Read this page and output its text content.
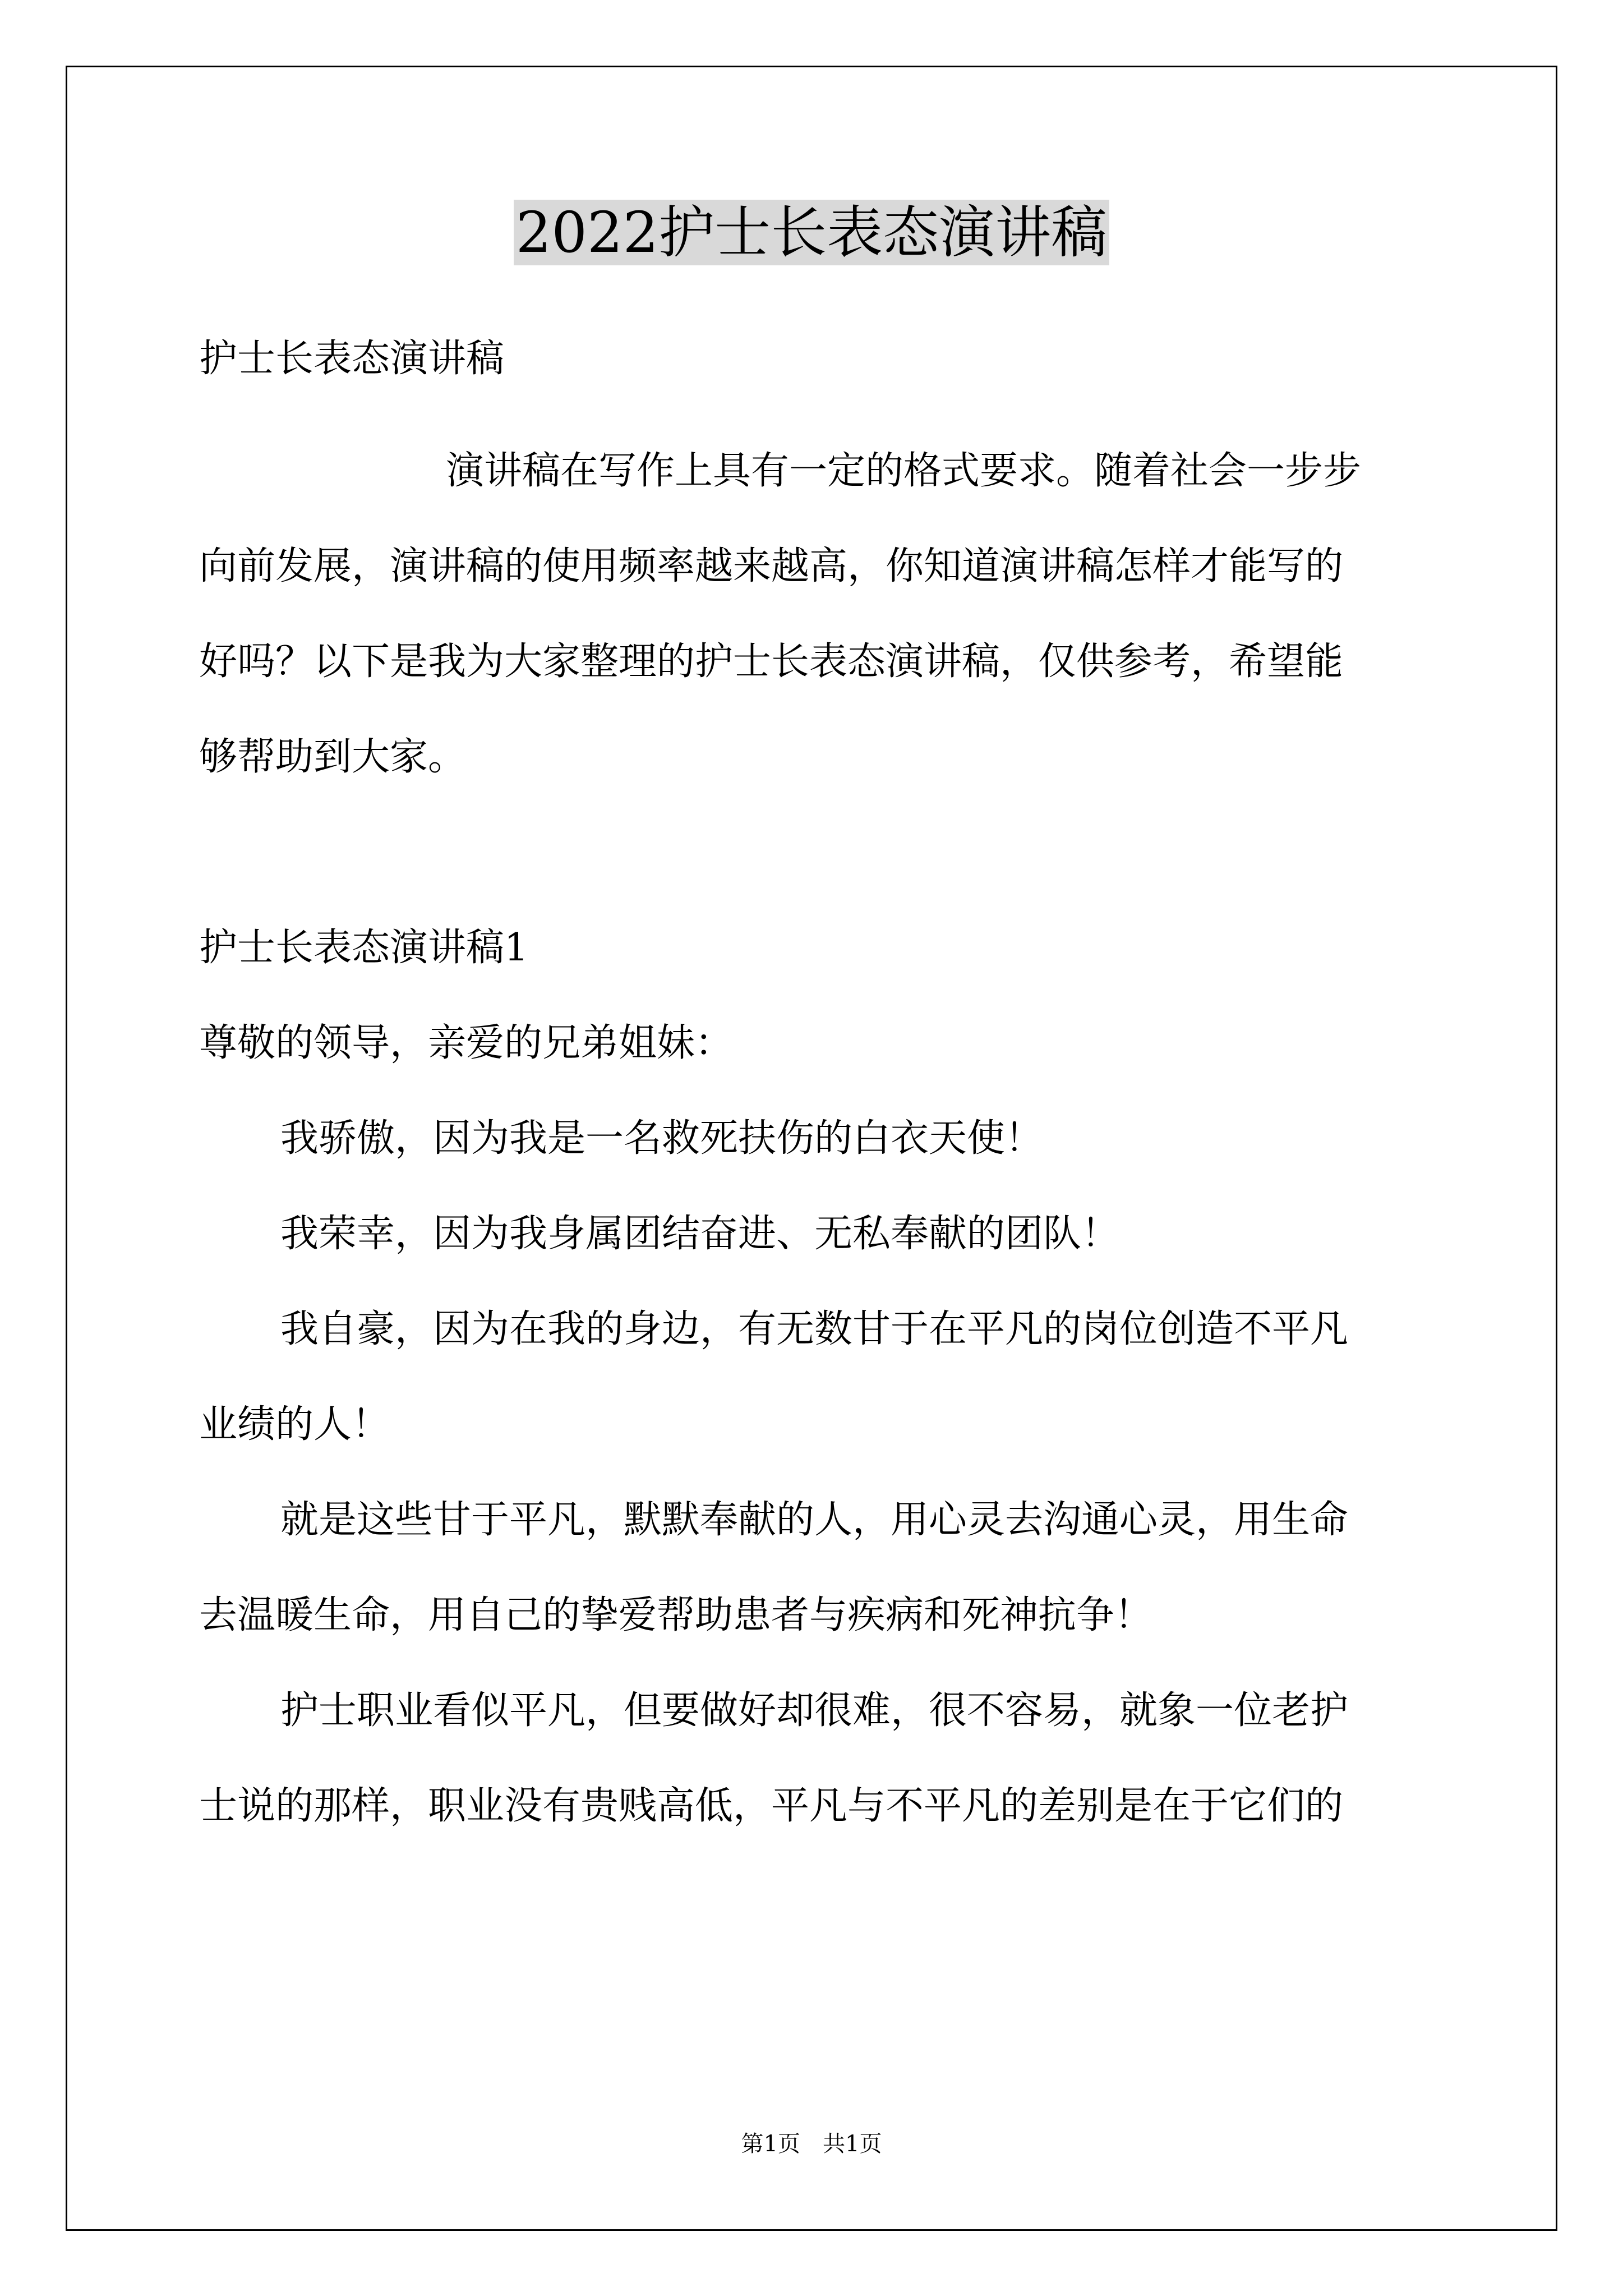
2022护士长表态演讲稿
护士长表态演讲稿
演讲稿在写作上具有一定的格式要求。随着社会一步步
向前发展，演讲稿的使用频率越来越高，你知道演讲稿怎样才能写的
好吗？以下是我为大家整理的护士长表态演讲稿，仅供参考，希望能
够帮助到大家。
护士长表态演讲稿1
尊敬的领导，亲爱的兄弟姐妹：
我骄傲，因为我是一名救死扶伤的白衣天使！
我荣幸，因为我身属团结奋进、无私奉献的团队！
我自豪，因为在我的身边，有无数甘于在平凡的岗位创造不平凡
业绩的人！
就是这些甘于平凡，默默奉献的人，用心灵去沟通心灵，用生命
去温暖生命，用自己的挚爱帮助患者与疾病和死神抗争！
护士职业看似平凡，但要做好却很难，很不容易，就象一位老护
士说的那样，职业没有贵贱高低，平凡与不平凡的差别是在于它们的
第1页　共1页
